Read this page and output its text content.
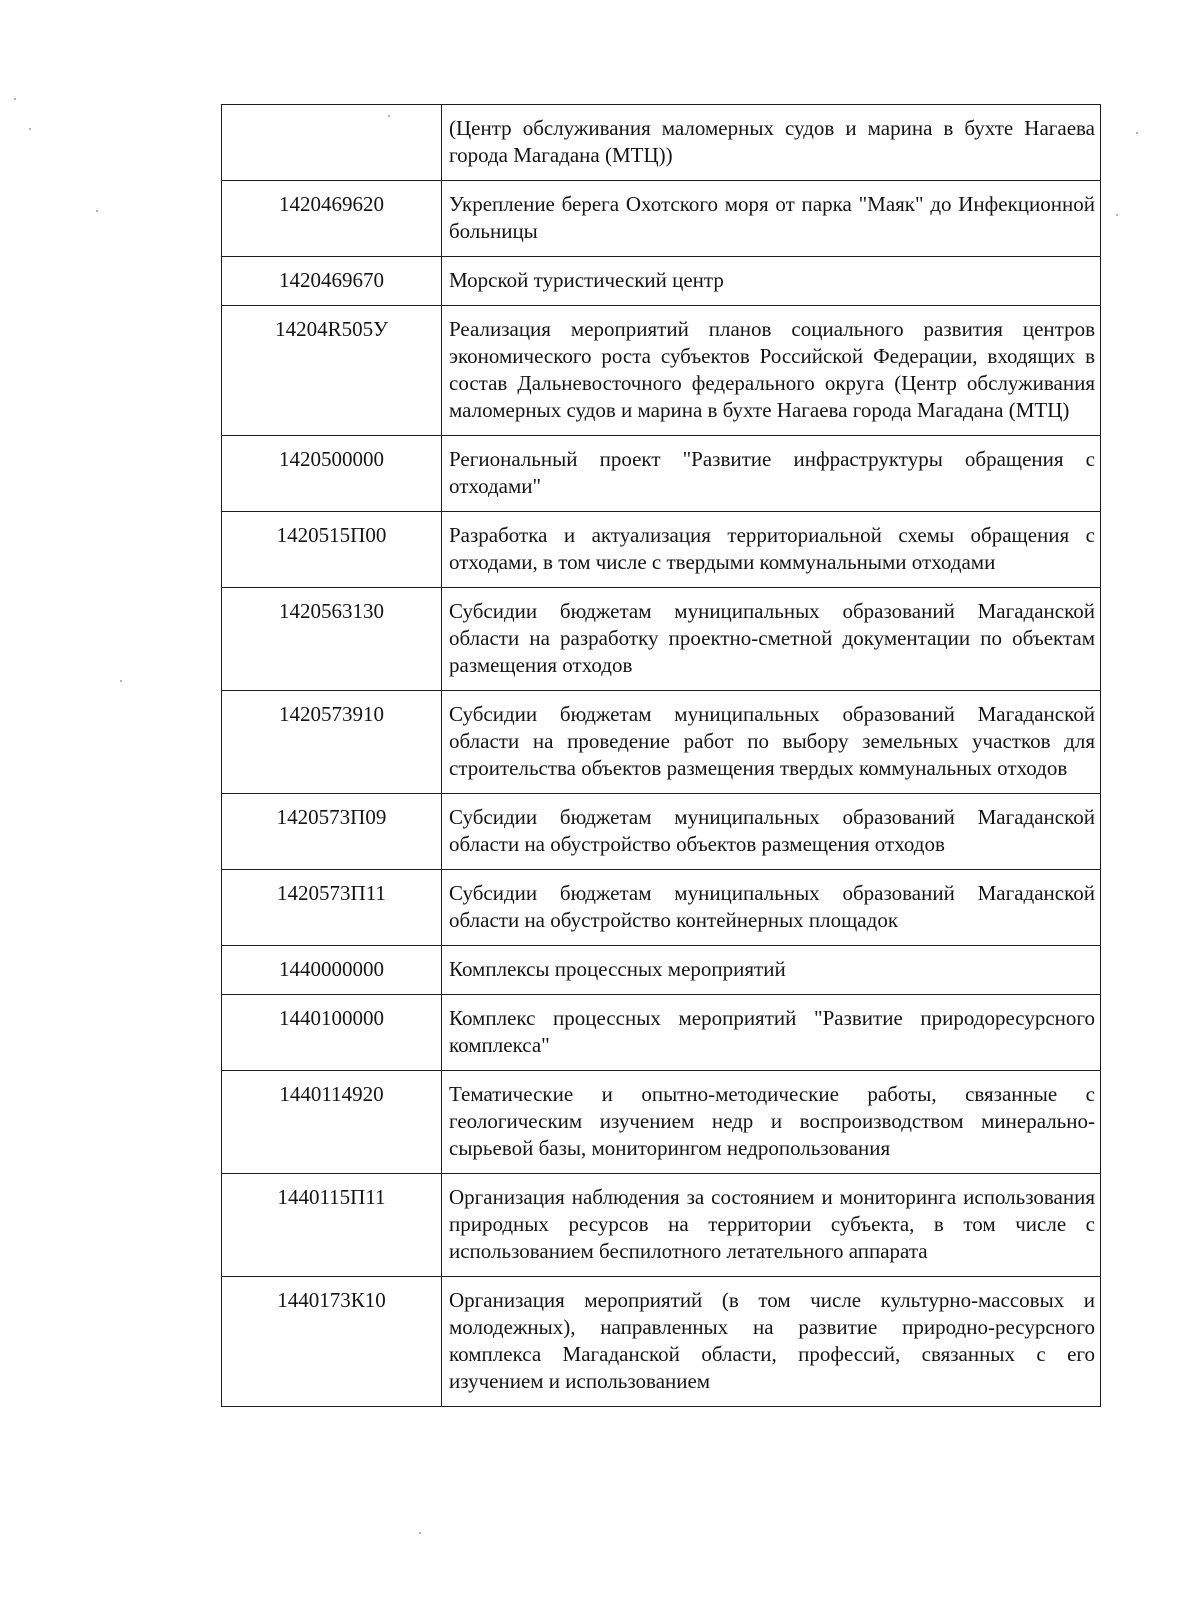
	(Центр обслуживания маломерных судов и марина в бухте Нагаева города Магадана (МТЦ))
1420469620	Укрепление берега Охотского моря от парка "Маяк" до Инфекционной больницы
1420469670	Морской туристический центр
14204R505У	Реализация мероприятий планов социального развития центров экономического роста субъектов Российской Федерации, входящих в состав Дальневосточного федерального округа (Центр обслуживания маломерных судов и марина в бухте Нагаева города Магадана (МТЦ)
1420500000	Региональный проект "Развитие инфраструктуры обращения с отходами"
1420515П00	Разработка и актуализация территориальной схемы обращения с отходами, в том числе с твердыми коммунальными отходами
1420563130	Субсидии бюджетам муниципальных образований Магаданской области на разработку проектно-сметной документации по объектам размещения отходов
1420573910	Субсидии бюджетам муниципальных образований Магаданской области на проведение работ по выбору земельных участков для строительства объектов размещения твердых коммунальных отходов
1420573П09	Субсидии бюджетам муниципальных образований Магаданской области на обустройство объектов размещения отходов
1420573П11	Субсидии бюджетам муниципальных образований Магаданской области на обустройство контейнерных площадок
1440000000	Комплексы процессных мероприятий
1440100000	Комплекс процессных мероприятий "Развитие природоресурсного комплекса"
1440114920	Тематические и опытно-методические работы, связанные с геологическим изучением недр и воспроизводством минерально-сырьевой базы, мониторингом недропользования
1440115П11	Организация наблюдения за состоянием и мониторинга использования природных ресурсов на территории субъекта, в том числе с использованием беспилотного летательного аппарата
1440173К10	Организация мероприятий (в том числе культурно-массовых и молодежных), направленных на развитие природно-ресурсного комплекса Магаданской области, профессий, связанных с его изучением и использованием
